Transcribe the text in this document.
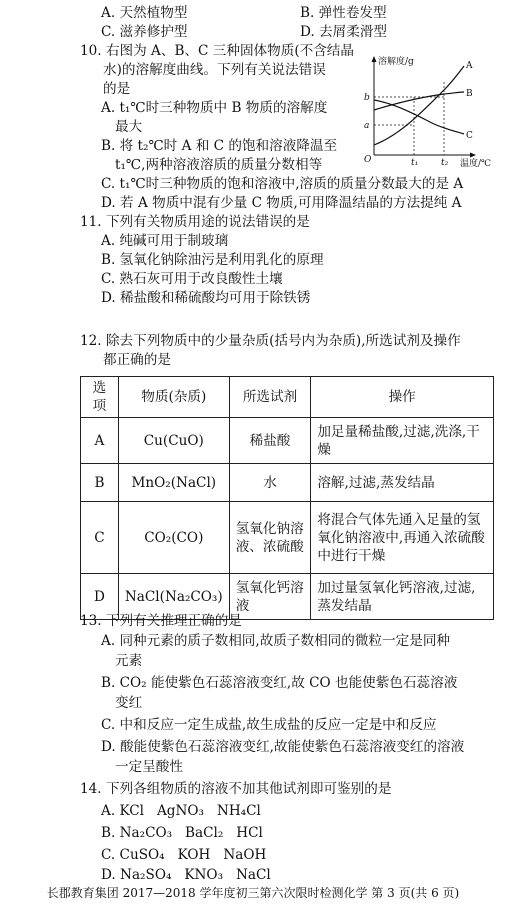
A. 天然植物型	B. 弹性卷发型
C. 滋养修护型	D. 去屑柔滑型
10. 右图为 A、B、C 三种固体物质(不含结晶
水)的溶解度曲线。下列有关说法错误
的是
A. t₁℃时三种物质中 B 物质的溶解度
最大
B. 将 t₂℃时 A 和 C 的饱和溶液降温至
t₁℃,两种溶液溶质的质量分数相等
C. t₁℃时三种物质的饱和溶液中,溶质的质量分数最大的是 A
D. 若 A 物质中混有少量 C 物质,可用降温结晶的方法提纯 A
溶解度/g
温度/℃
O
b
a
t₁	t₂
A
B
C
11. 下列有关物质用途的说法错误的是
A. 纯碱可用于制玻璃
B. 氢氧化钠除油污是利用乳化的原理
C. 熟石灰可用于改良酸性土壤
D. 稀盐酸和稀硫酸均可用于除铁锈
12. 除去下列物质中的少量杂质(括号内为杂质),所选试剂及操作
都正确的是
选项	物质(杂质)	所选试剂	操作
A	Cu(CuO)	稀盐酸	加足量稀盐酸,过滤,洗涤,干燥
B	MnO₂(NaCl)	水	溶解,过滤,蒸发结晶
C	CO₂(CO)	氢氧化钠溶液、浓硫酸	将混合气体先通入足量的氢氧化钠溶液中,再通入浓硫酸中进行干燥
D	NaCl(Na₂CO₃)	氢氧化钙溶液	加过量氢氧化钙溶液,过滤,蒸发结晶
13. 下列有关推理正确的是
A. 同种元素的质子数相同,故质子数相同的微粒一定是同种
元素
B. CO₂ 能使紫色石蕊溶液变红,故 CO 也能使紫色石蕊溶液
变红
C. 中和反应一定生成盐,故生成盐的反应一定是中和反应
D. 酸能使紫色石蕊溶液变红,故能使紫色石蕊溶液变红的溶液
一定呈酸性
14. 下列各组物质的溶液不加其他试剂即可鉴别的是
A. KCl   AgNO₃   NH₄Cl
B. Na₂CO₃   BaCl₂   HCl
C. CuSO₄   KOH   NaOH
D. Na₂SO₄   KNO₃   NaCl
长郡教育集团 2017—2018 学年度初三第六次限时检测化学 第 3 页(共 6 页)
